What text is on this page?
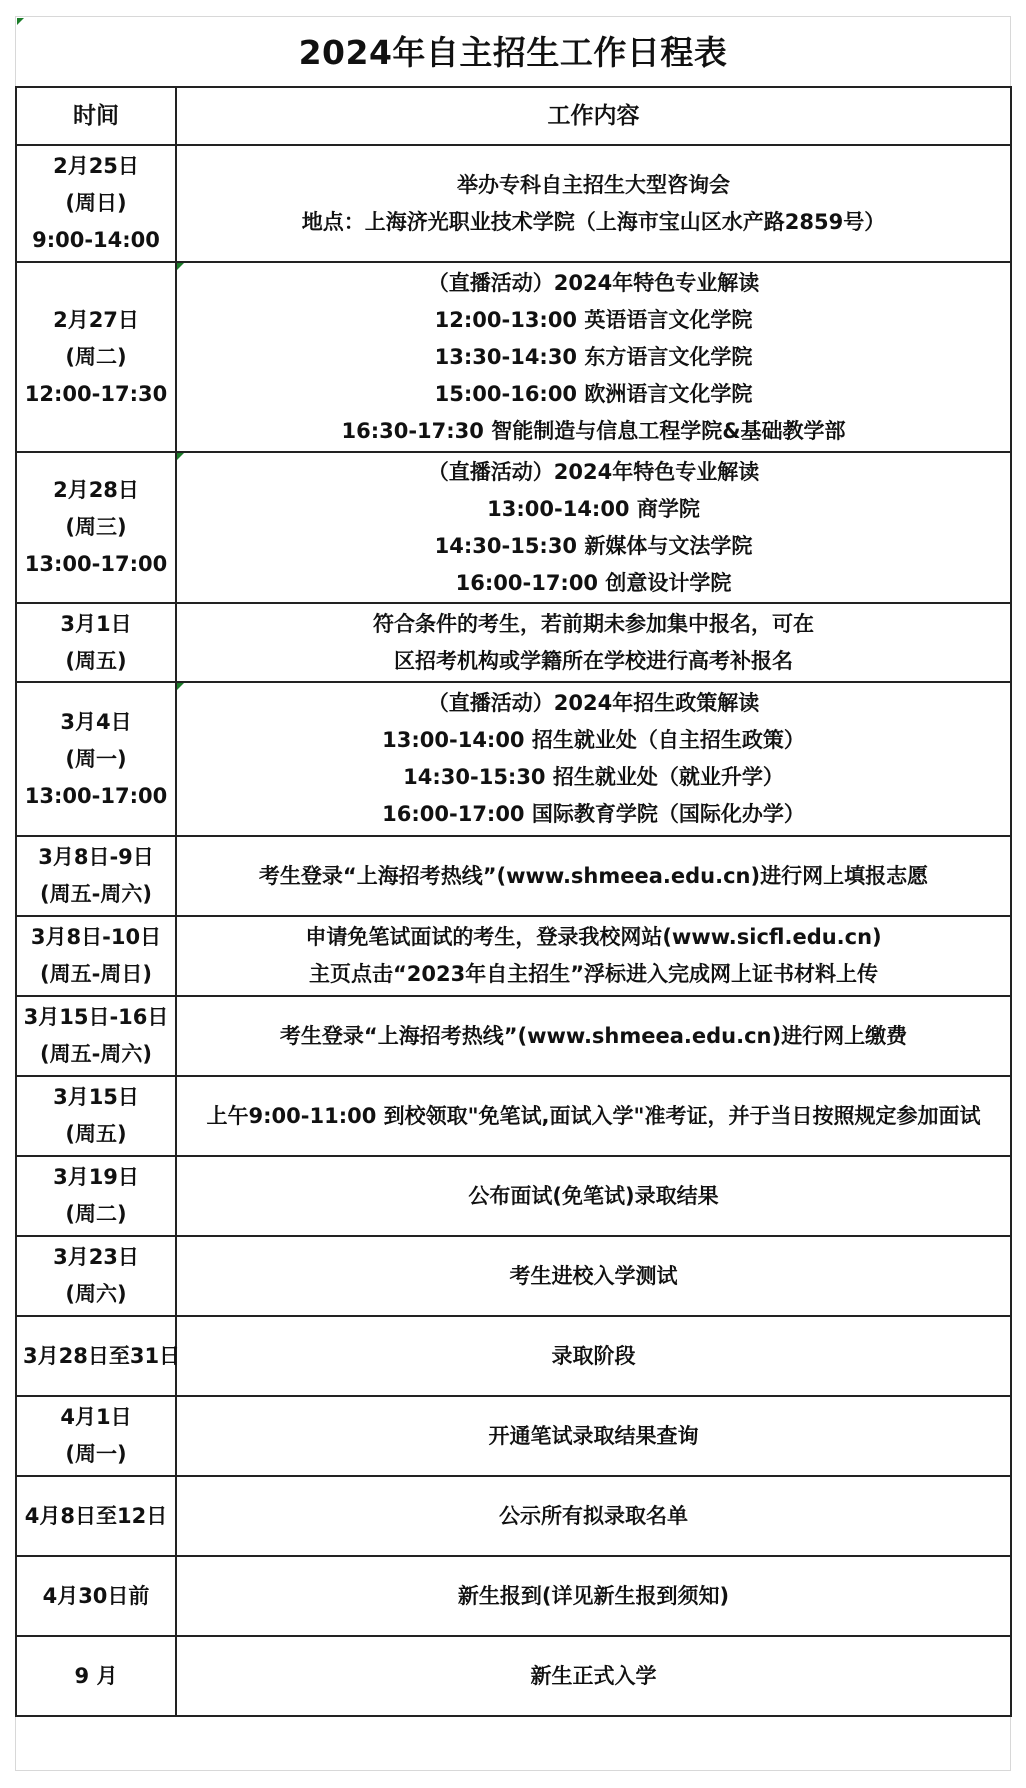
2024年自主招生工作日程表
时间	工作内容

2月25日
(周日)
9:00-14:00	举办专科自主招生大型咨询会
地点：上海济光职业技术学院（上海市宝山区水产路2859号）

2月27日
(周二)
12:00-17:30	（直播活动）2024年特色专业解读
12:00-13:00 英语语言文化学院
13:30-14:30 东方语言文化学院
15:00-16:00 欧洲语言文化学院
16:30-17:30 智能制造与信息工程学院&基础教学部

2月28日
(周三)
13:00-17:00	（直播活动）2024年特色专业解读
13:00-14:00 商学院
14:30-15:30 新媒体与文法学院
16:00-17:00 创意设计学院

3月1日
(周五)	符合条件的考生，若前期未参加集中报名，可在
区招考机构或学籍所在学校进行高考补报名

3月4日
(周一)
13:00-17:00	（直播活动）2024年招生政策解读
13:00-14:00 招生就业处（自主招生政策）
14:30-15:30 招生就业处（就业升学）
16:00-17:00 国际教育学院（国际化办学）

3月8日-9日
(周五-周六)	考生登录“上海招考热线”(www.shmeea.edu.cn)进行网上填报志愿

3月8日-10日
(周五-周日)	申请免笔试面试的考生，登录我校网站(www.sicfl.edu.cn)
主页点击“2023年自主招生”浮标进入完成网上证书材料上传

3月15日-16日
(周五-周六)	考生登录“上海招考热线”(www.shmeea.edu.cn)进行网上缴费

3月15日
(周五)	上午9:00-11:00 到校领取"免笔试,面试入学"准考证，并于当日按照规定参加面试

3月19日
(周二)	公布面试(免笔试)录取结果

3月23日
(周六)	考生进校入学测试

3月28日至31日	录取阶段

4月1日
(周一)	开通笔试录取结果查询

4月8日至12日	公示所有拟录取名单

4月30日前	新生报到(详见新生报到须知)

9 月	新生正式入学
